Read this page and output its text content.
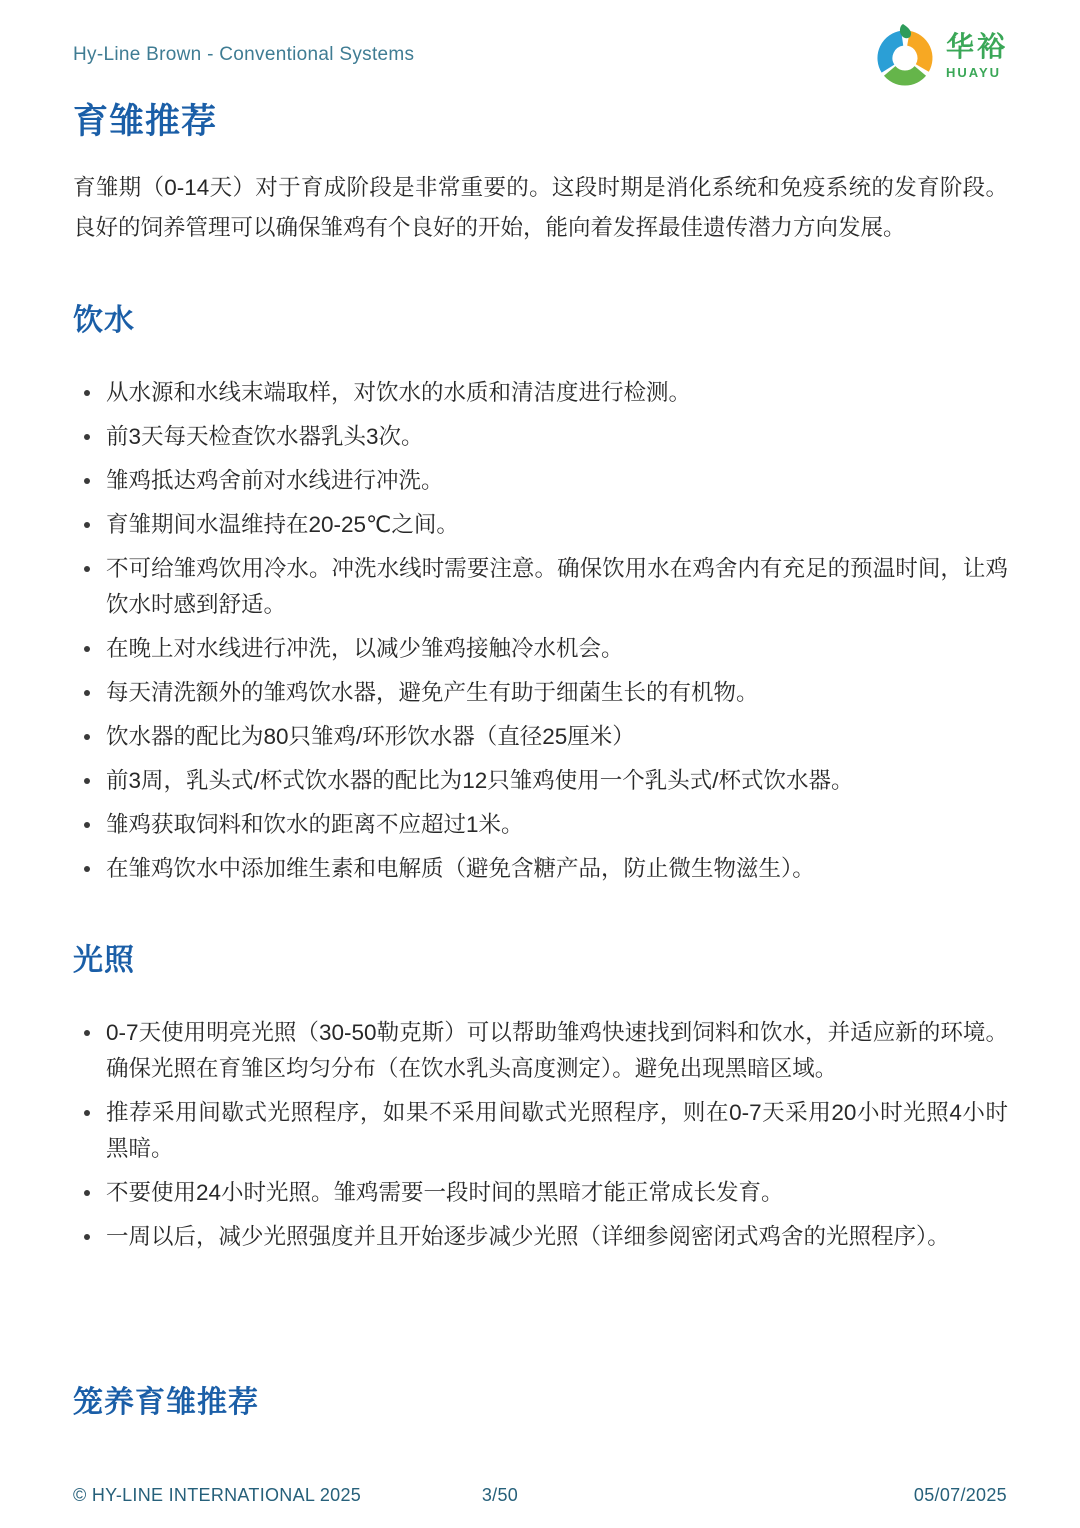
Hy-Line Brown - Conventional Systems	华裕
HUAYU
育雏推荐

育雏期（0-14天）对于育成阶段是非常重要的。这段时期是消化系统和免疫系统的发育阶段。良好的饲养管理可以确保雏鸡有个良好的开始，能向着发挥最佳遗传潜力方向发展。

饮水
从水源和水线末端取样，对饮水的水质和清洁度进行检测。
前3天每天检查饮水器乳头3次。
雏鸡抵达鸡舍前对水线进行冲洗。
育雏期间水温维持在20-25℃之间。
不可给雏鸡饮用冷水。冲洗水线时需要注意。确保饮用水在鸡舍内有充足的预温时间，让鸡饮水时感到舒适。
在晚上对水线进行冲洗，以减少雏鸡接触冷水机会。
每天清洗额外的雏鸡饮水器，避免产生有助于细菌生长的有机物。
饮水器的配比为80只雏鸡/环形饮水器（直径25厘米）
前3周，乳头式/杯式饮水器的配比为12只雏鸡使用一个乳头式/杯式饮水器。
雏鸡获取饲料和饮水的距离不应超过1米。
在雏鸡饮水中添加维生素和电解质（避免含糖产品，防止微生物滋生）。
光照
0-7天使用明亮光照（30-50勒克斯）可以帮助雏鸡快速找到饲料和饮水，并适应新的环境。确保光照在育雏区均匀分布（在饮水乳头高度测定）。避免出现黑暗区域。
推荐采用间歇式光照程序，如果不采用间歇式光照程序，则在0-7天采用20小时光照4小时黑暗。
不要使用24小时光照。雏鸡需要一段时间的黑暗才能正常成长发育。
一周以后，减少光照强度并且开始逐步减少光照（详细参阅密闭式鸡舍的光照程序）。
笼养育雏推荐
© HY-LINE INTERNATIONAL 2025	3/50	05/07/2025
